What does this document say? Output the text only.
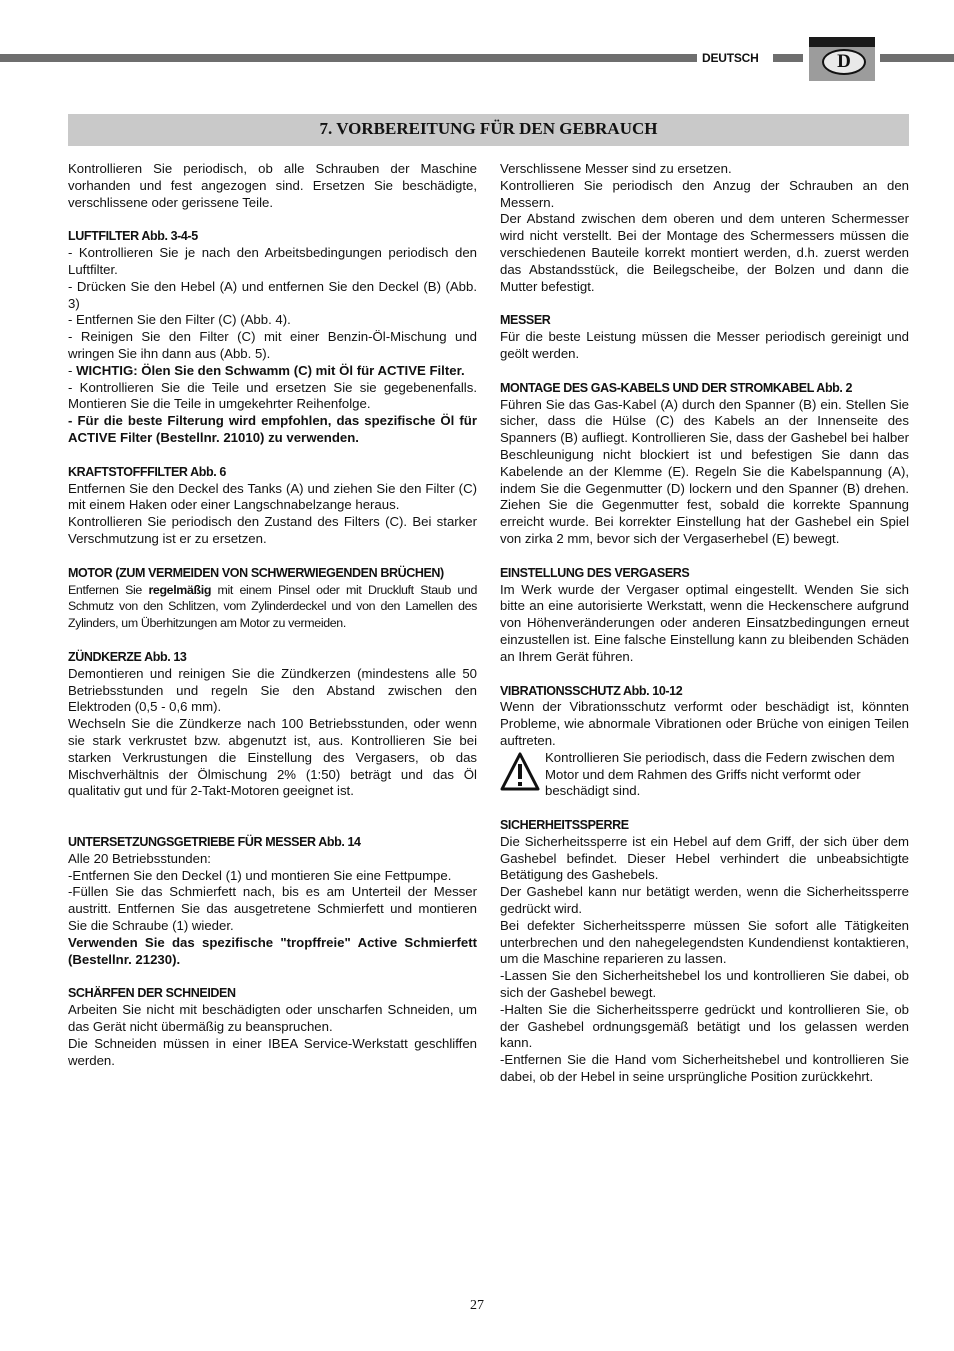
DEUTSCH	D
7. VORBEREITUNG FÜR DEN GEBRAUCH

Kontrollieren Sie periodisch, ob alle Schrauben der Maschine vorhanden und fest angezogen sind. Ersetzen Sie beschädigte, verschlissene oder gerissene Teile.

LUFTFILTER Abb. 3-4-5

- Kontrollieren Sie je nach den Arbeitsbedingungen periodisch den Luftfilter.

- Drücken Sie den Hebel (A) und entfernen Sie den Deckel (B) (Abb. 3)

- Entfernen Sie den Filter (C) (Abb. 4).

- Reinigen Sie den Filter (C) mit einer Benzin-Öl-Mischung und wringen Sie ihn dann aus (Abb. 5).

- WICHTIG: Ölen Sie den Schwamm (C) mit Öl für ACTIVE Filter.

- Kontrollieren Sie die Teile und ersetzen Sie sie gegebenenfalls. Montieren Sie die Teile in umgekehrter Reihenfolge.

- Für die beste Filterung wird empfohlen, das spezifische Öl für ACTIVE Filter (Bestellnr. 21010) zu verwenden.

KRAFTSTOFFFILTER Abb. 6

Entfernen Sie den Deckel des Tanks (A) und ziehen Sie den Filter (C) mit einem Haken oder einer Langschnabelzange heraus.

Kontrollieren Sie periodisch den Zustand des Filters (C). Bei starker Verschmutzung ist er zu ersetzen.

MOTOR (ZUM VERMEIDEN VON SCHWERWIEGENDEN BRÜCHEN)

Entfernen Sie regelmäßig mit einem Pinsel oder mit Druckluft Staub und Schmutz von den Schlitzen, vom Zylinderdeckel und von den Lamellen des Zylinders, um Überhitzungen am Motor zu vermeiden.

ZÜNDKERZE Abb. 13

Demontieren und reinigen Sie die Zündkerzen (mindestens alle 50 Betriebsstunden und regeln Sie den Abstand zwischen den Elektroden (0,5 - 0,6 mm).

Wechseln Sie die Zündkerze nach 100 Betriebsstunden, oder wenn sie stark verkrustet bzw. abgenutzt ist, aus. Kontrollieren Sie bei starken Verkrustungen die Einstellung des Vergasers, ob das Mischverhältnis der Ölmischung 2% (1:50) beträgt und das Öl qualitativ gut und für 2-Takt-Motoren geeignet ist.

UNTERSETZUNGSGETRIEBE FÜR MESSER Abb. 14

Alle 20 Betriebsstunden:

-Entfernen Sie den Deckel (1) und montieren Sie eine Fettpumpe.

-Füllen Sie das Schmierfett nach, bis es am Unterteil der Messer austritt. Entfernen Sie das ausgetretene Schmierfett und montieren Sie die Schraube (1) wieder.

Verwenden Sie das spezifische "tropffreie" Active Schmierfett (Bestellnr. 21230).

SCHÄRFEN DER SCHNEIDEN

Arbeiten Sie nicht mit beschädigten oder unscharfen Schneiden, um das Gerät nicht übermäßig zu beanspruchen.

Die Schneiden müssen in einer IBEA Service-Werkstatt geschliffen werden.

Verschlissene Messer sind zu ersetzen.

Kontrollieren Sie periodisch den Anzug der Schrauben an den Messern.

Der Abstand zwischen dem oberen und dem unteren Schermesser wird nicht verstellt. Bei der Montage des Schermessers müssen die verschiedenen Bauteile korrekt montiert werden, d.h. zuerst werden das Abstandsstück, die Beilegscheibe, der Bolzen und dann die Mutter befestigt.

MESSER

Für die beste Leistung müssen die Messer periodisch gereinigt und geölt werden.

MONTAGE DES GAS-KABELS UND DER STROMKABEL Abb. 2

Führen Sie das Gas-Kabel (A) durch den Spanner (B) ein. Stellen Sie sicher, dass die Hülse (C) des Kabels an der Innenseite des Spanners (B) aufliegt. Kontrollieren Sie, dass der Gashebel bei halber Beschleunigung nicht blockiert ist und befestigen Sie dann das Kabelende an der Klemme (E). Regeln Sie die Kabelspannung (A), indem Sie die Gegenmutter (D) lockern und den Spanner (B) drehen. Ziehen Sie die Gegenmutter fest, sobald die korrekte Spannung erreicht wurde. Bei korrekter Einstellung hat der Gashebel ein Spiel von zirka 2 mm, bevor sich der Vergaserhebel (E) bewegt.

EINSTELLUNG DES VERGASERS

Im Werk wurde der Vergaser optimal eingestellt. Wenden Sie sich bitte an eine autorisierte Werkstatt, wenn die Heckenschere aufgrund von Höhenveränderungen oder anderen Einsatzbedingungen erneut einzustellen ist. Eine falsche Einstellung kann zu bleibenden Schäden an Ihrem Gerät führen.

VIBRATIONSSCHUTZ Abb. 10-12

Wenn der Vibrationsschutz verformt oder beschädigt ist, könnten Probleme, wie abnormale Vibrationen oder Brüche von einigen Teilen auftreten.

Kontrollieren Sie periodisch, dass die Federn zwischen dem Motor und dem Rahmen des Griffs nicht verformt oder beschädigt sind.

SICHERHEITSSPERRE

Die Sicherheitssperre ist ein Hebel auf dem Griff, der sich über dem Gashebel befindet. Dieser Hebel verhindert die unbeabsichtigte Betätigung des Gashebels.

Der Gashebel kann nur betätigt werden, wenn die Sicherheitssperre gedrückt wird.

Bei defekter Sicherheitssperre müssen Sie sofort alle Tätigkeiten unterbrechen und den nahegelegendsten Kundendienst kontaktieren, um die Maschine reparieren zu lassen.

-Lassen Sie den Sicherheitshebel los und kontrollieren Sie dabei, ob sich der Gashebel bewegt.

-Halten Sie die Sicherheitssperre gedrückt und kontrollieren Sie, ob der Gashebel ordnungsgemäß betätigt und los gelassen werden kann.

-Entfernen Sie die Hand vom Sicherheitshebel und kontrollieren Sie dabei, ob der Hebel in seine ursprüngliche Position zurückkehrt.

27
